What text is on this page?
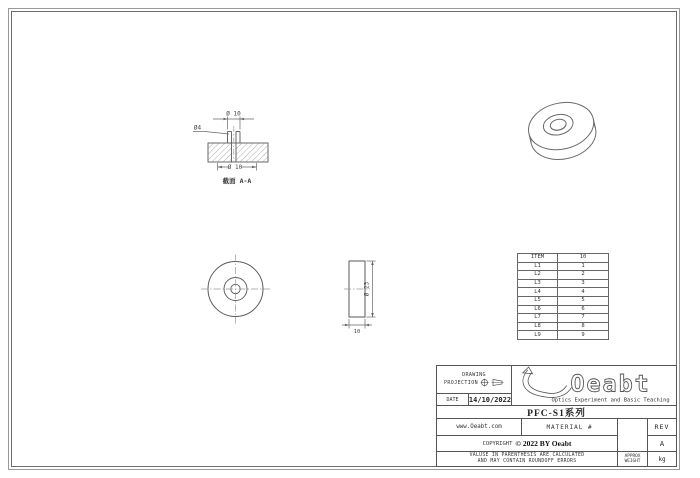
Ø 10
Ø4
Ø 10
截面 A-A
Ø 23
10
ITEM	10
L1	1
L2	2
L3	3
L4	4
L5	5
L6	6
L7	7
L8	8
L9	9
DRAWING
PROJECTION	Oeabt
Optics Experiment and Basic Teaching
DATE	14/10/2022
PFC-S1系列
www.Oeabt.com	MATERIAL #	REV
COPYRIGHT © 2022 BY Oeabt	A
VALUSE IN PARENTHESIS ARE CALCULATED
AND MAY CONTAIN ROUNDOFF ERRORS
APPROX
WEIGHT	kg
